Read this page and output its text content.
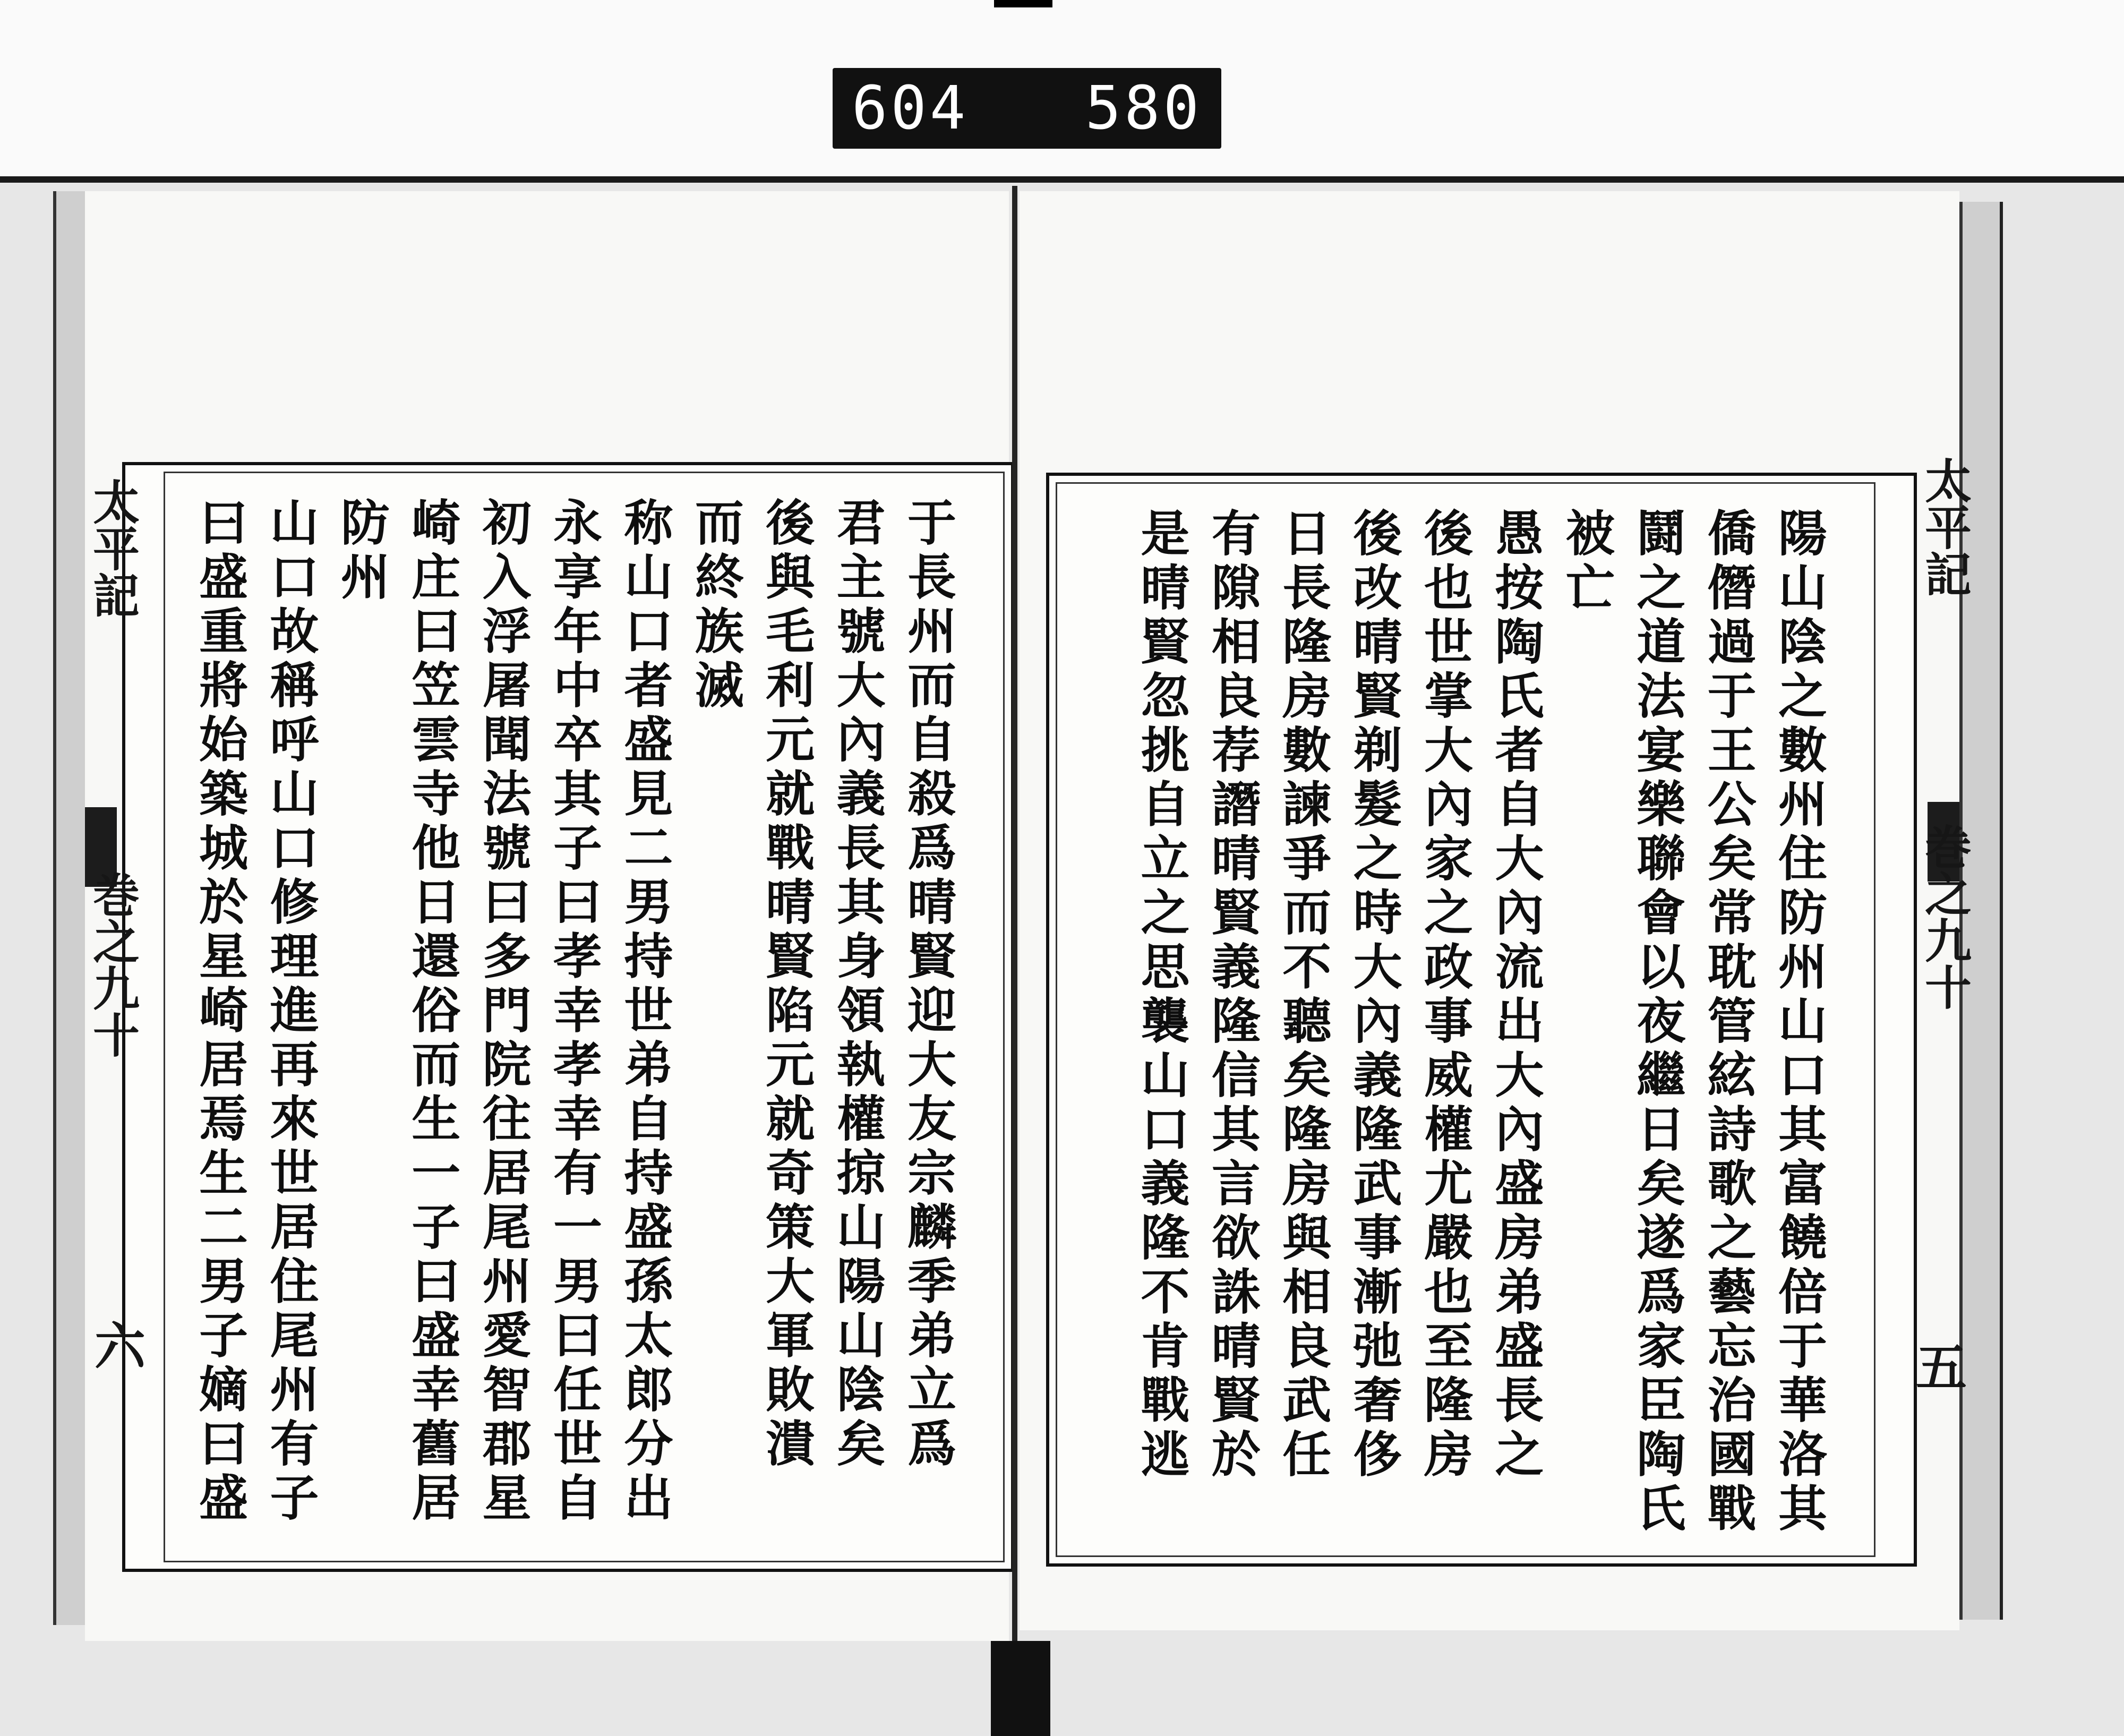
604 580
于長州而自殺爲晴賢迎大友宗麟季弟立爲
君主號大內義長其身領執權掠山陽山陰矣
後與毛利元就戰晴賢陷元就奇策大軍敗潰
而終族滅
称山口者盛見二男持世弟自持盛孫太郎分出
永享年中卒其子曰孝幸孝幸有一男曰任世自
初入浮屠聞法號曰多門院往居尾州愛智郡星
崎庄曰笠雲寺他日還俗而生一子曰盛幸舊居防州
山口故稱呼山口修理進再來世居住尾州有子
曰盛重將始築城於星崎居焉生二男子嫡曰盛	陽山陰之數州住防州山口其富饒倍于華洛其
僑僭過于王公矣常耽管絃詩歌之藝忘治國戰
鬪之道法宴樂聯會以夜繼日矣遂爲家臣陶氏
被亡
愚按陶氏者自大內流出大內盛房弟盛長之
後也世掌大內家之政事威權尤嚴也至隆房
後改晴賢剃髮之時大內義隆武事漸弛奢侈
日長隆房數諫爭而不聽矣隆房與相良武任
有隙相良荐譖晴賢義隆信其言欲誅晴賢於
是晴賢忽挑自立之思襲山口義隆不肯戰逃
太平記
巻之九十
六
太平記
巻之九十
五
